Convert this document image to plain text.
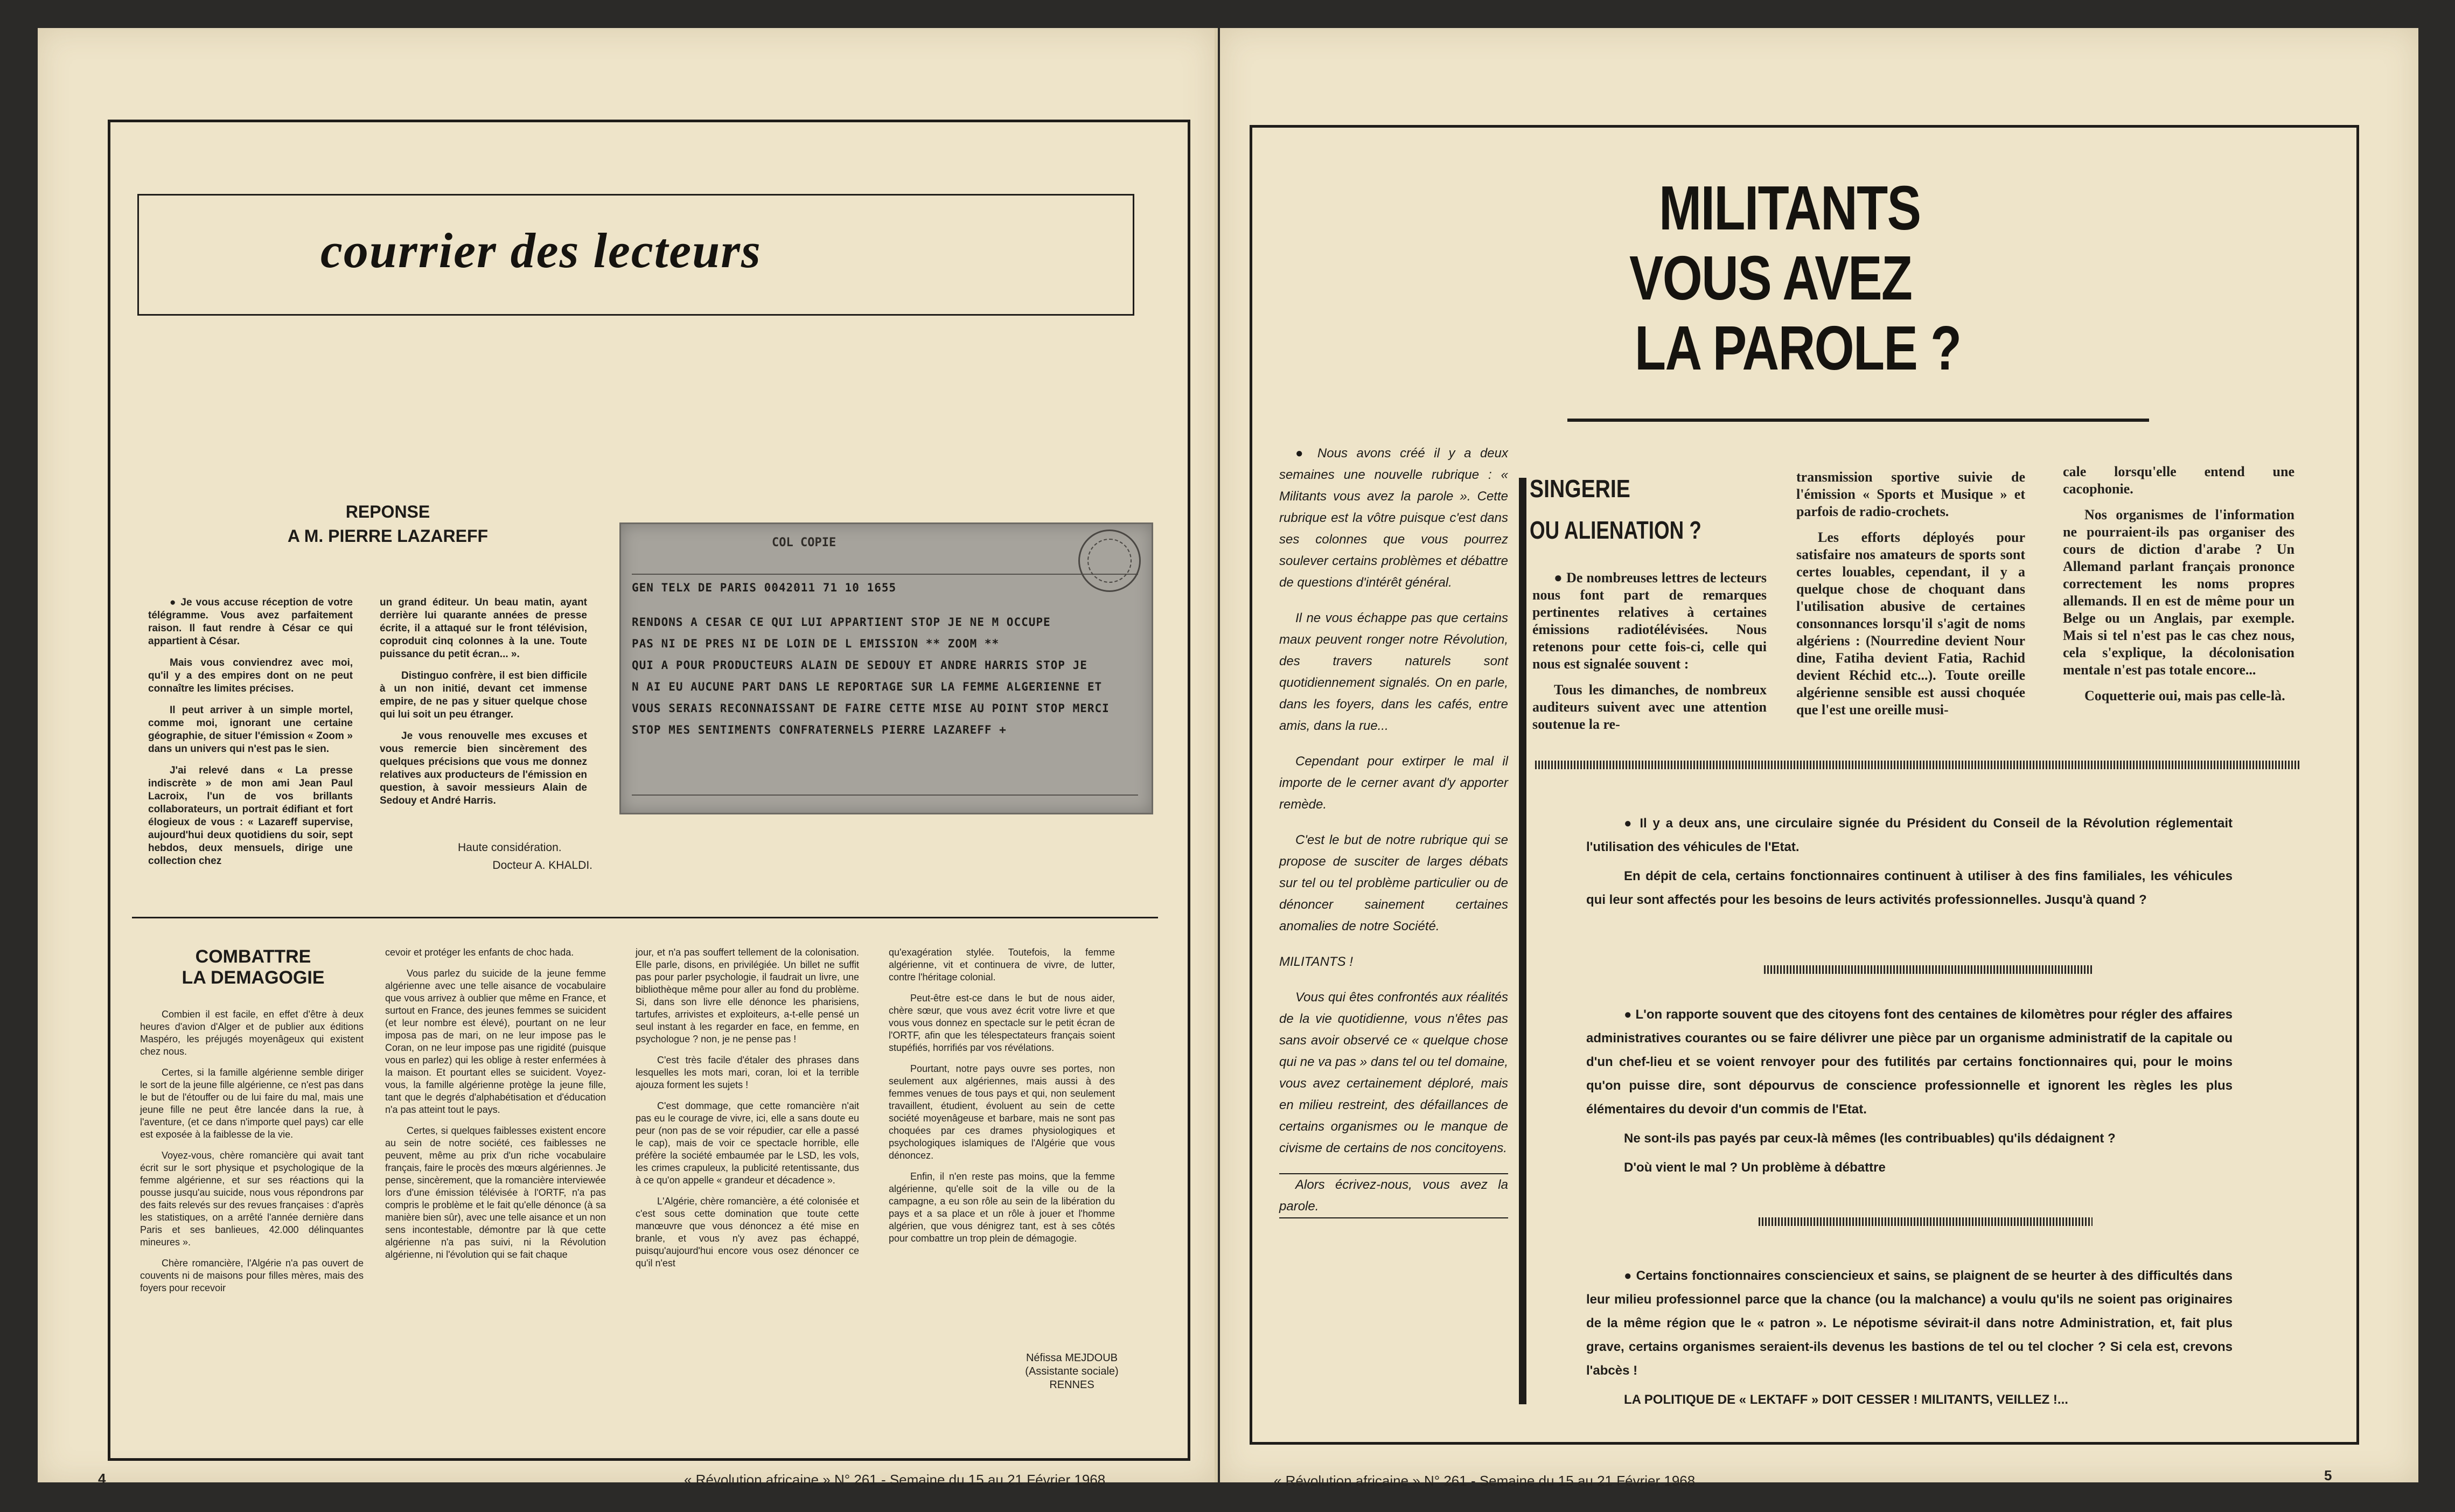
courrier des lecteurs
REPONSE
A M. PIERRE LAZAREFF

● Je vous accuse réception de votre télégramme. Vous avez parfaitement raison. Il faut rendre à César ce qui appartient à César.

Mais vous conviendrez avec moi, qu'il y a des empires dont on ne peut connaître les limites précises.

Il peut arriver à un simple mortel, comme moi, ignorant une certaine géographie, de situer l'émission « Zoom » dans un univers qui n'est pas le sien.

J'ai relevé dans « La presse indiscrète » de mon ami Jean Paul Lacroix, l'un de vos brillants collaborateurs, un portrait édifiant et fort élogieux de vous : « Lazareff supervise, aujourd'hui deux quotidiens du soir, sept hebdos, deux mensuels, dirige une collection chez

un grand éditeur. Un beau matin, ayant derrière lui quarante années de presse écrite, il a attaqué sur le front télévision, coproduit cinq colonnes à la une. Toute puissance du petit écran... ».

Distinguo confrère, il est bien difficile à un non initié, devant cet immense empire, de ne pas y situer quelque chose qui lui soit un peu étranger.

Je vous renouvelle mes excuses et vous remercie bien sincèrement des quelques précisions que vous me donnez relatives aux producteurs de l'émission en question, à savoir messieurs Alain de Sedouy et André Harris.

Haute considération.
Docteur A. KHALDI.
COL COPIE
GEN TELX DE PARIS 0042011 71 10 1655
RENDONS A CESAR CE QUI LUI APPARTIENT STOP JE NE M OCCUPE
PAS NI DE PRES NI DE LOIN DE L EMISSION ** ZOOM **
QUI A POUR PRODUCTEURS ALAIN DE SEDOUY ET ANDRE HARRIS STOP JE
N AI EU AUCUNE PART DANS LE REPORTAGE SUR LA FEMME ALGERIENNE ET
VOUS SERAIS RECONNAISSANT DE FAIRE CETTE MISE AU POINT STOP MERCI
STOP MES SENTIMENTS CONFRATERNELS PIERRE LAZAREFF +

COMBATTRE
LA DEMAGOGIE

Combien il est facile, en effet d'être à deux heures d'avion d'Alger et de publier aux éditions Maspéro, les préjugés moyenâgeux qui existent chez nous.

Certes, si la famille algérienne semble diriger le sort de la jeune fille algérienne, ce n'est pas dans le but de l'étouffer ou de lui faire du mal, mais une jeune fille ne peut être lancée dans la rue, à l'aventure, (et ce dans n'importe quel pays) car elle est exposée à la faiblesse de la vie.

Voyez-vous, chère romancière qui avait tant écrit sur le sort physique et psychologique de la femme algérienne, et sur ses réactions qui la pousse jusqu'au suicide, nous vous répondrons par des faits relevés sur des revues françaises : d'après les statistiques, on a arrêté l'année dernière dans Paris et ses banlieues, 42.000 délinquantes mineures ».

Chère romancière, l'Algérie n'a pas ouvert de couvents ni de maisons pour filles mères, mais des foyers pour recevoir

cevoir et protéger les enfants de choc hada.

Vous parlez du suicide de la jeune femme algérienne avec une telle aisance de vocabulaire que vous arrivez à oublier que même en France, et surtout en France, des jeunes femmes se suicident (et leur nombre est élevé), pourtant on ne leur imposa pas de mari, on ne leur impose pas le Coran, on ne leur impose pas une rigidité (puisque vous en parlez) qui les oblige à rester enfermées à la maison. Et pourtant elles se suicident. Voyez-vous, la famille algérienne protège la jeune fille, tant que le degrés d'alphabétisation et d'éducation n'a pas atteint tout le pays.

Certes, si quelques faiblesses existent encore au sein de notre société, ces faiblesses ne peuvent, même au prix d'un riche vocabulaire français, faire le procès des mœurs algériennes. Je pense, sincèrement, que la romancière interviewée lors d'une émission télévisée à l'ORTF, n'a pas compris le problème et le fait qu'elle dénonce (à sa manière bien sûr), avec une telle aisance et un non sens incontestable, démontre par là que cette algérienne n'a pas suivi, ni la Révolution algérienne, ni l'évolution qui se fait chaque

jour, et n'a pas souffert tellement de la colonisation. Elle parle, disons, en privilégiée. Un billet ne suffit pas pour parler psychologie, il faudrait un livre, une bibliothèque même pour aller au fond du problème. Si, dans son livre elle dénonce les pharisiens, tartufes, arrivistes et exploiteurs, a-t-elle pensé un seul instant à les regarder en face, en femme, en psychologue ? non, je ne pense pas !

C'est très facile d'étaler des phrases dans lesquelles les mots mari, coran, loi et la terrible ajouza forment les sujets !

C'est dommage, que cette romancière n'ait pas eu le courage de vivre, ici, elle a sans doute eu peur (non pas de se voir répudier, car elle a passé le cap), mais de voir ce spectacle horrible, elle préfère la société embaumée par le LSD, les vols, les crimes crapuleux, la publicité retentissante, dus à ce qu'on appelle « grandeur et décadence ».

L'Algérie, chère romancière, a été colonisée et c'est sous cette domination que toute cette manœuvre que vous dénoncez a été mise en branle, et vous n'y avez pas échappé, puisqu'aujourd'hui encore vous osez dénoncer ce qu'il n'est

qu'exagération stylée. Toutefois, la femme algérienne, vit et continuera de vivre, de lutter, contre l'héritage colonial.

Peut-être est-ce dans le but de nous aider, chère sœur, que vous avez écrit votre livre et que vous vous donnez en spectacle sur le petit écran de l'ORTF, afin que les télespectateurs français soient stupéfiés, horrifiés par vos révélations.

Pourtant, notre pays ouvre ses portes, non seulement aux algériennes, mais aussi à des femmes venues de tous pays et qui, non seulement travaillent, étudient, évoluent au sein de cette société moyenâgeuse et barbare, mais ne sont pas choquées par ces drames physiologiques et psychologiques islamiques de l'Algérie que vous dénoncez.

Enfin, il n'en reste pas moins, que la femme algérienne, qu'elle soit de la ville ou de la campagne, a eu son rôle au sein de la libération du pays et a sa place et un rôle à jouer et l'homme algérien, que vous dénigrez tant, est à ses côtés pour combattre un trop plein de démagogie.

Néfissa MEJDOUB
(Assistante sociale)
RENNES
4	« Révolution africaine » N° 261 - Semaine du 15 au 21 Février 1968
MILITANTS
VOUS AVEZ
LA PAROLE ?

● Nous avons créé il y a deux semaines une nouvelle rubrique : « Militants vous avez la parole ». Cette rubrique est la vôtre puisque c'est dans ses colonnes que vous pourrez soulever certains problèmes et débattre de questions d'intérêt général.

Il ne vous échappe pas que certains maux peuvent ronger notre Révolution, des travers naturels sont quotidiennement signalés. On en parle, dans les foyers, dans les cafés, entre amis, dans la rue...

Cependant pour extirper le mal il importe de le cerner avant d'y apporter remède.

C'est le but de notre rubrique qui se propose de susciter de larges débats sur tel ou tel problème particulier ou de dénoncer sainement certaines anomalies de notre Société.

MILITANTS !

Vous qui êtes confrontés aux réalités de la vie quotidienne, vous n'êtes pas sans avoir observé ce « quelque chose qui ne va pas » dans tel ou tel domaine, vous avez certainement déploré, mais en milieu restreint, des défaillances de certains organismes ou le manque de civisme de certains de nos concitoyens.

Alors écrivez-nous, vous avez la parole.

SINGERIE
OU ALIENATION ?

● De nombreuses lettres de lecteurs nous font part de remarques pertinentes relatives à certaines émissions radiotélévisées. Nous retenons pour cette fois-ci, celle qui nous est signalée souvent :

Tous les dimanches, de nombreux auditeurs suivent avec une attention soutenue la re-

transmission sportive suivie de l'émission « Sports et Musique » et parfois de radio-crochets.

Les efforts déployés pour satisfaire nos amateurs de sports sont certes louables, cependant, il y a quelque chose de choquant dans l'utilisation abusive de certaines consonnances lorsqu'il s'agit de noms algériens : (Nourredine devient Nour dine, Fatiha devient Fatia, Rachid devient Réchid etc...). Toute oreille algérienne sensible est aussi choquée que l'est une oreille musi-

cale lorsqu'elle entend une cacophonie.

Nos organismes de l'information ne pourraient-ils pas organiser des cours de diction d'arabe ? Un Allemand parlant français prononce correctement les noms propres allemands. Il en est de même pour un Belge ou un Anglais, par exemple. Mais si tel n'est pas le cas chez nous, cela s'explique, la décolonisation mentale n'est pas totale encore...

Coquetterie oui, mais pas celle-là.

● Il y a deux ans, une circulaire signée du Président du Conseil de la Révolution réglementait l'utilisation des véhicules de l'Etat.

En dépit de cela, certains fonctionnaires continuent à utiliser à des fins familiales, les véhicules qui leur sont affectés pour les besoins de leurs activités professionnelles. Jusqu'à quand ?

● L'on rapporte souvent que des citoyens font des centaines de kilomètres pour régler des affaires administratives courantes ou se faire délivrer une pièce par un organisme administratif de la capitale ou d'un chef-lieu et se voient renvoyer pour des futilités par certains fonctionnaires qui, pour le moins qu'on puisse dire, sont dépourvus de conscience professionnelle et ignorent les règles les plus élémentaires du devoir d'un commis de l'Etat.

Ne sont-ils pas payés par ceux-là mêmes (les contribuables) qu'ils dédaignent ?

D'où vient le mal ? Un problème à débattre

● Certains fonctionnaires consciencieux et sains, se plaignent de se heurter à des difficultés dans leur milieu professionnel parce que la chance (ou la malchance) a voulu qu'ils ne soient pas originaires de la même région que le « patron ». Le népotisme sévirait-il dans notre Administration, et, fait plus grave, certains organismes seraient-ils devenus les bastions de tel ou tel clocher ? Si cela est, crevons l'abcès !

LA POLITIQUE DE « LEKTAFF » DOIT CESSER ! MILITANTS, VEILLEZ !...

« Révolution africaine » N° 261 - Semaine du 15 au 21 Février 1968	5
